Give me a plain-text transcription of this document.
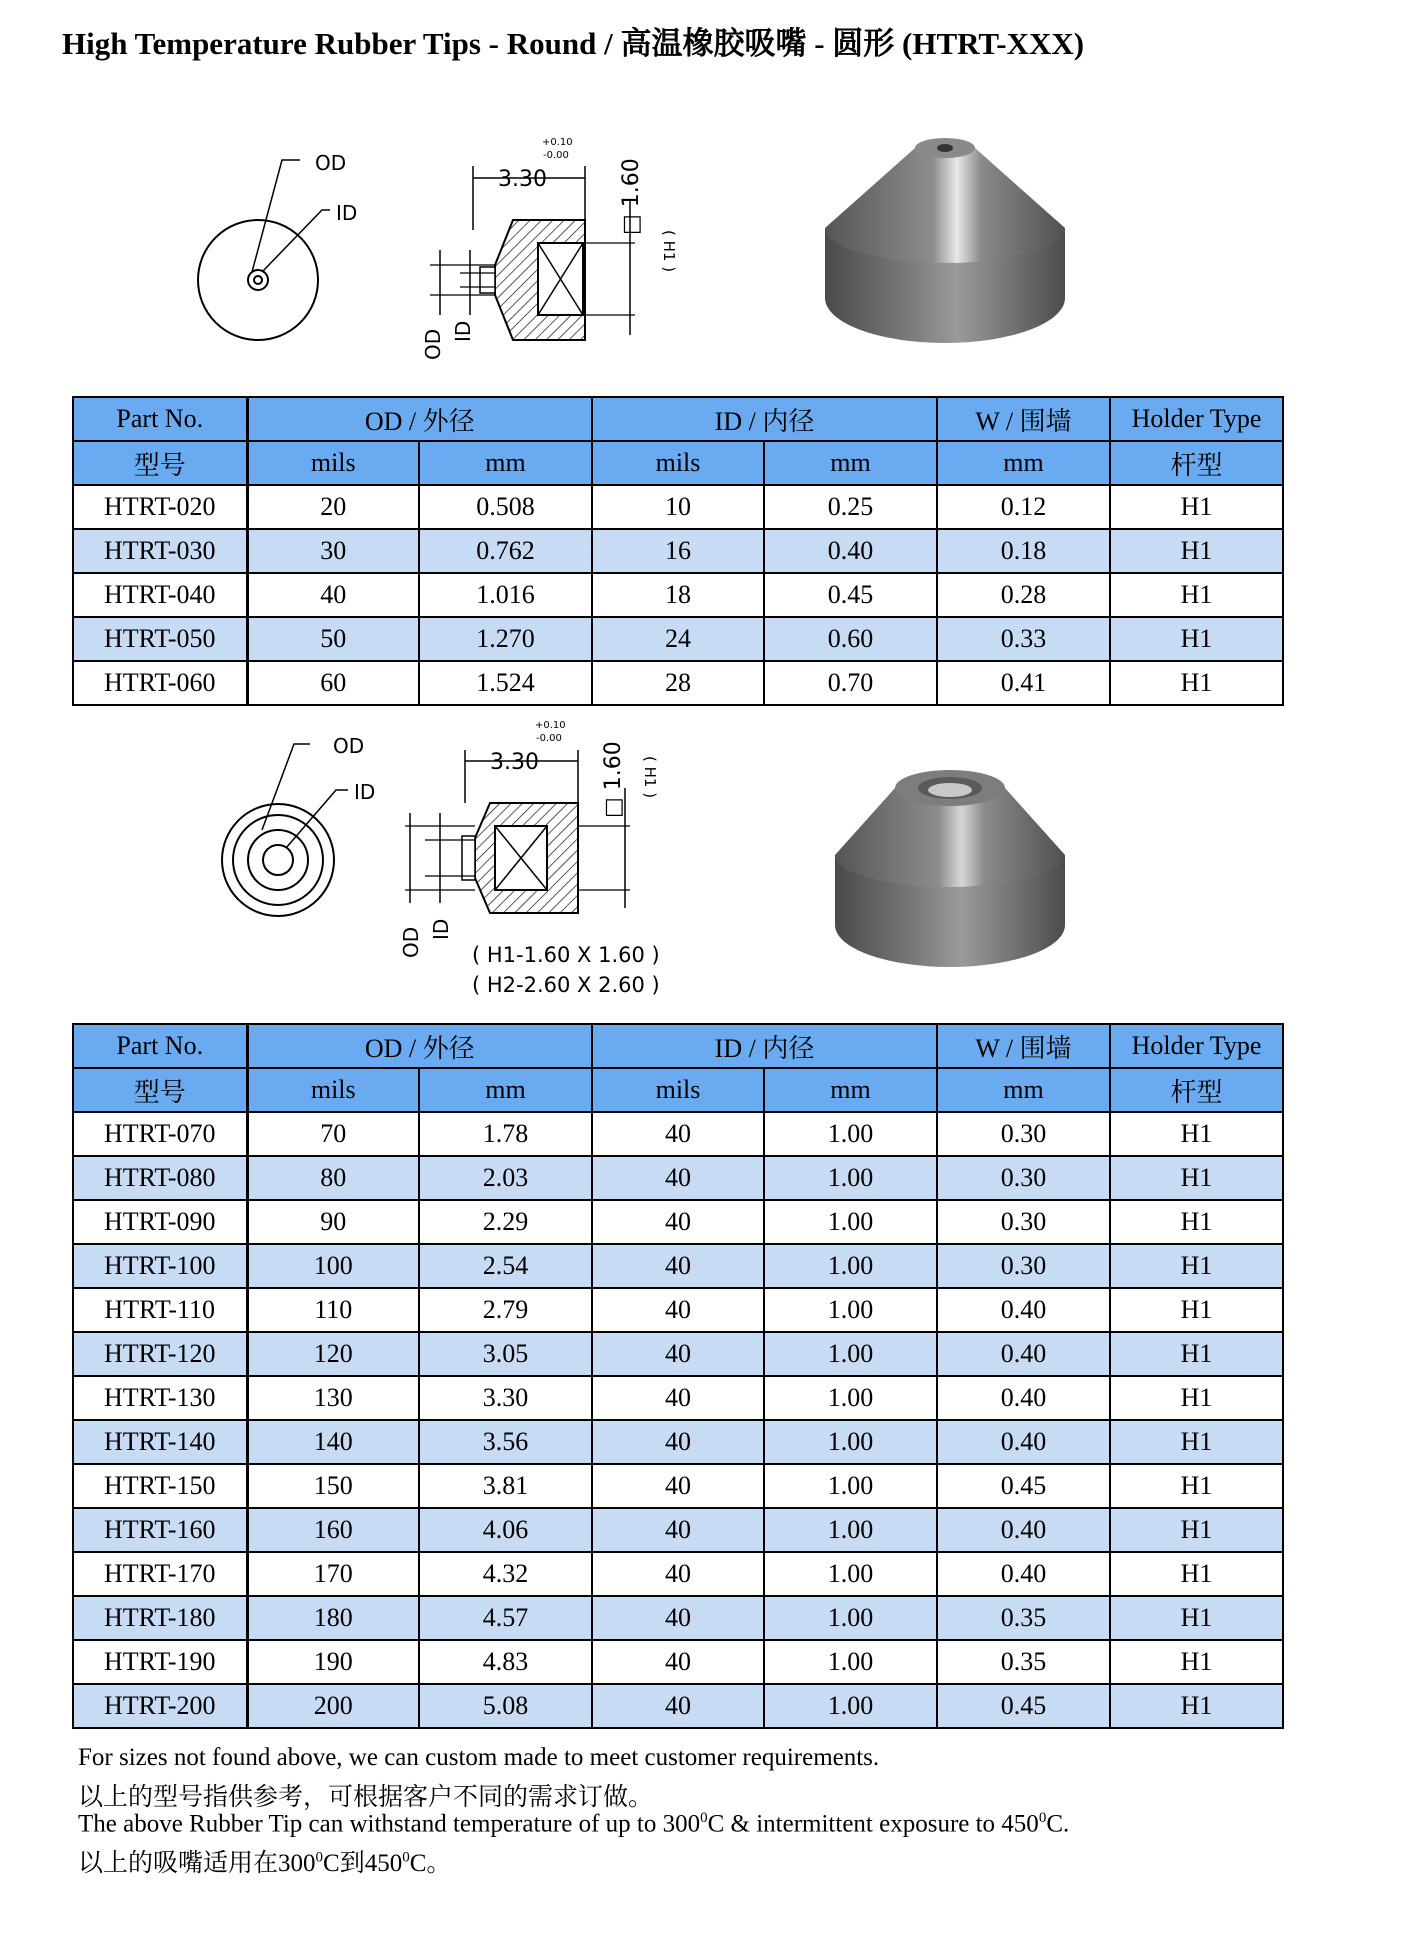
High Temperature Rubber Tips - Round / 高温橡胶吸嘴 - 圆形 (HTRT-XXX)
OD
ID
+0.10
-0.00
3.30
OD ID
□ 1.60
( H1 )
Part No.	OD / 外径		ID / 内径		W / 围墙	Holder Type
型号	mils	mm	mils	mm	mm	杆型
HTRT-020	20	0.508	10	0.25	0.12	H1
HTRT-030	30	0.762	16	0.40	0.18	H1
HTRT-040	40	1.016	18	0.45	0.28	H1
HTRT-050	50	1.270	24	0.60	0.33	H1
HTRT-060	60	1.524	28	0.70	0.41	H1
OD
ID
+0.10
-0.00
3.30
OD ID
□ 1.60 ( H1 )
( H1-1.60 X 1.60 )
( H2-2.60 X 2.60 )
Part No.	OD / 外径		ID / 内径		W / 围墙	Holder Type
型号	mils	mm	mils	mm	mm	杆型
HTRT-070	70	1.78	40	1.00	0.30	H1
HTRT-080	80	2.03	40	1.00	0.30	H1
HTRT-090	90	2.29	40	1.00	0.30	H1
HTRT-100	100	2.54	40	1.00	0.30	H1
HTRT-110	110	2.79	40	1.00	0.40	H1
HTRT-120	120	3.05	40	1.00	0.40	H1
HTRT-130	130	3.30	40	1.00	0.40	H1
HTRT-140	140	3.56	40	1.00	0.40	H1
HTRT-150	150	3.81	40	1.00	0.45	H1
HTRT-160	160	4.06	40	1.00	0.40	H1
HTRT-170	170	4.32	40	1.00	0.40	H1
HTRT-180	180	4.57	40	1.00	0.35	H1
HTRT-190	190	4.83	40	1.00	0.35	H1
HTRT-200	200	5.08	40	1.00	0.45	H1
For sizes not found above, we can custom made to meet customer requirements.
以上的型号指供参考，可根据客户不同的需求订做。
The above Rubber Tip can withstand temperature of up to $300^0C$ & intermittent exposure to $450^0C$.
以上的吸嘴适用在$300^0C$到$450^0C$。
